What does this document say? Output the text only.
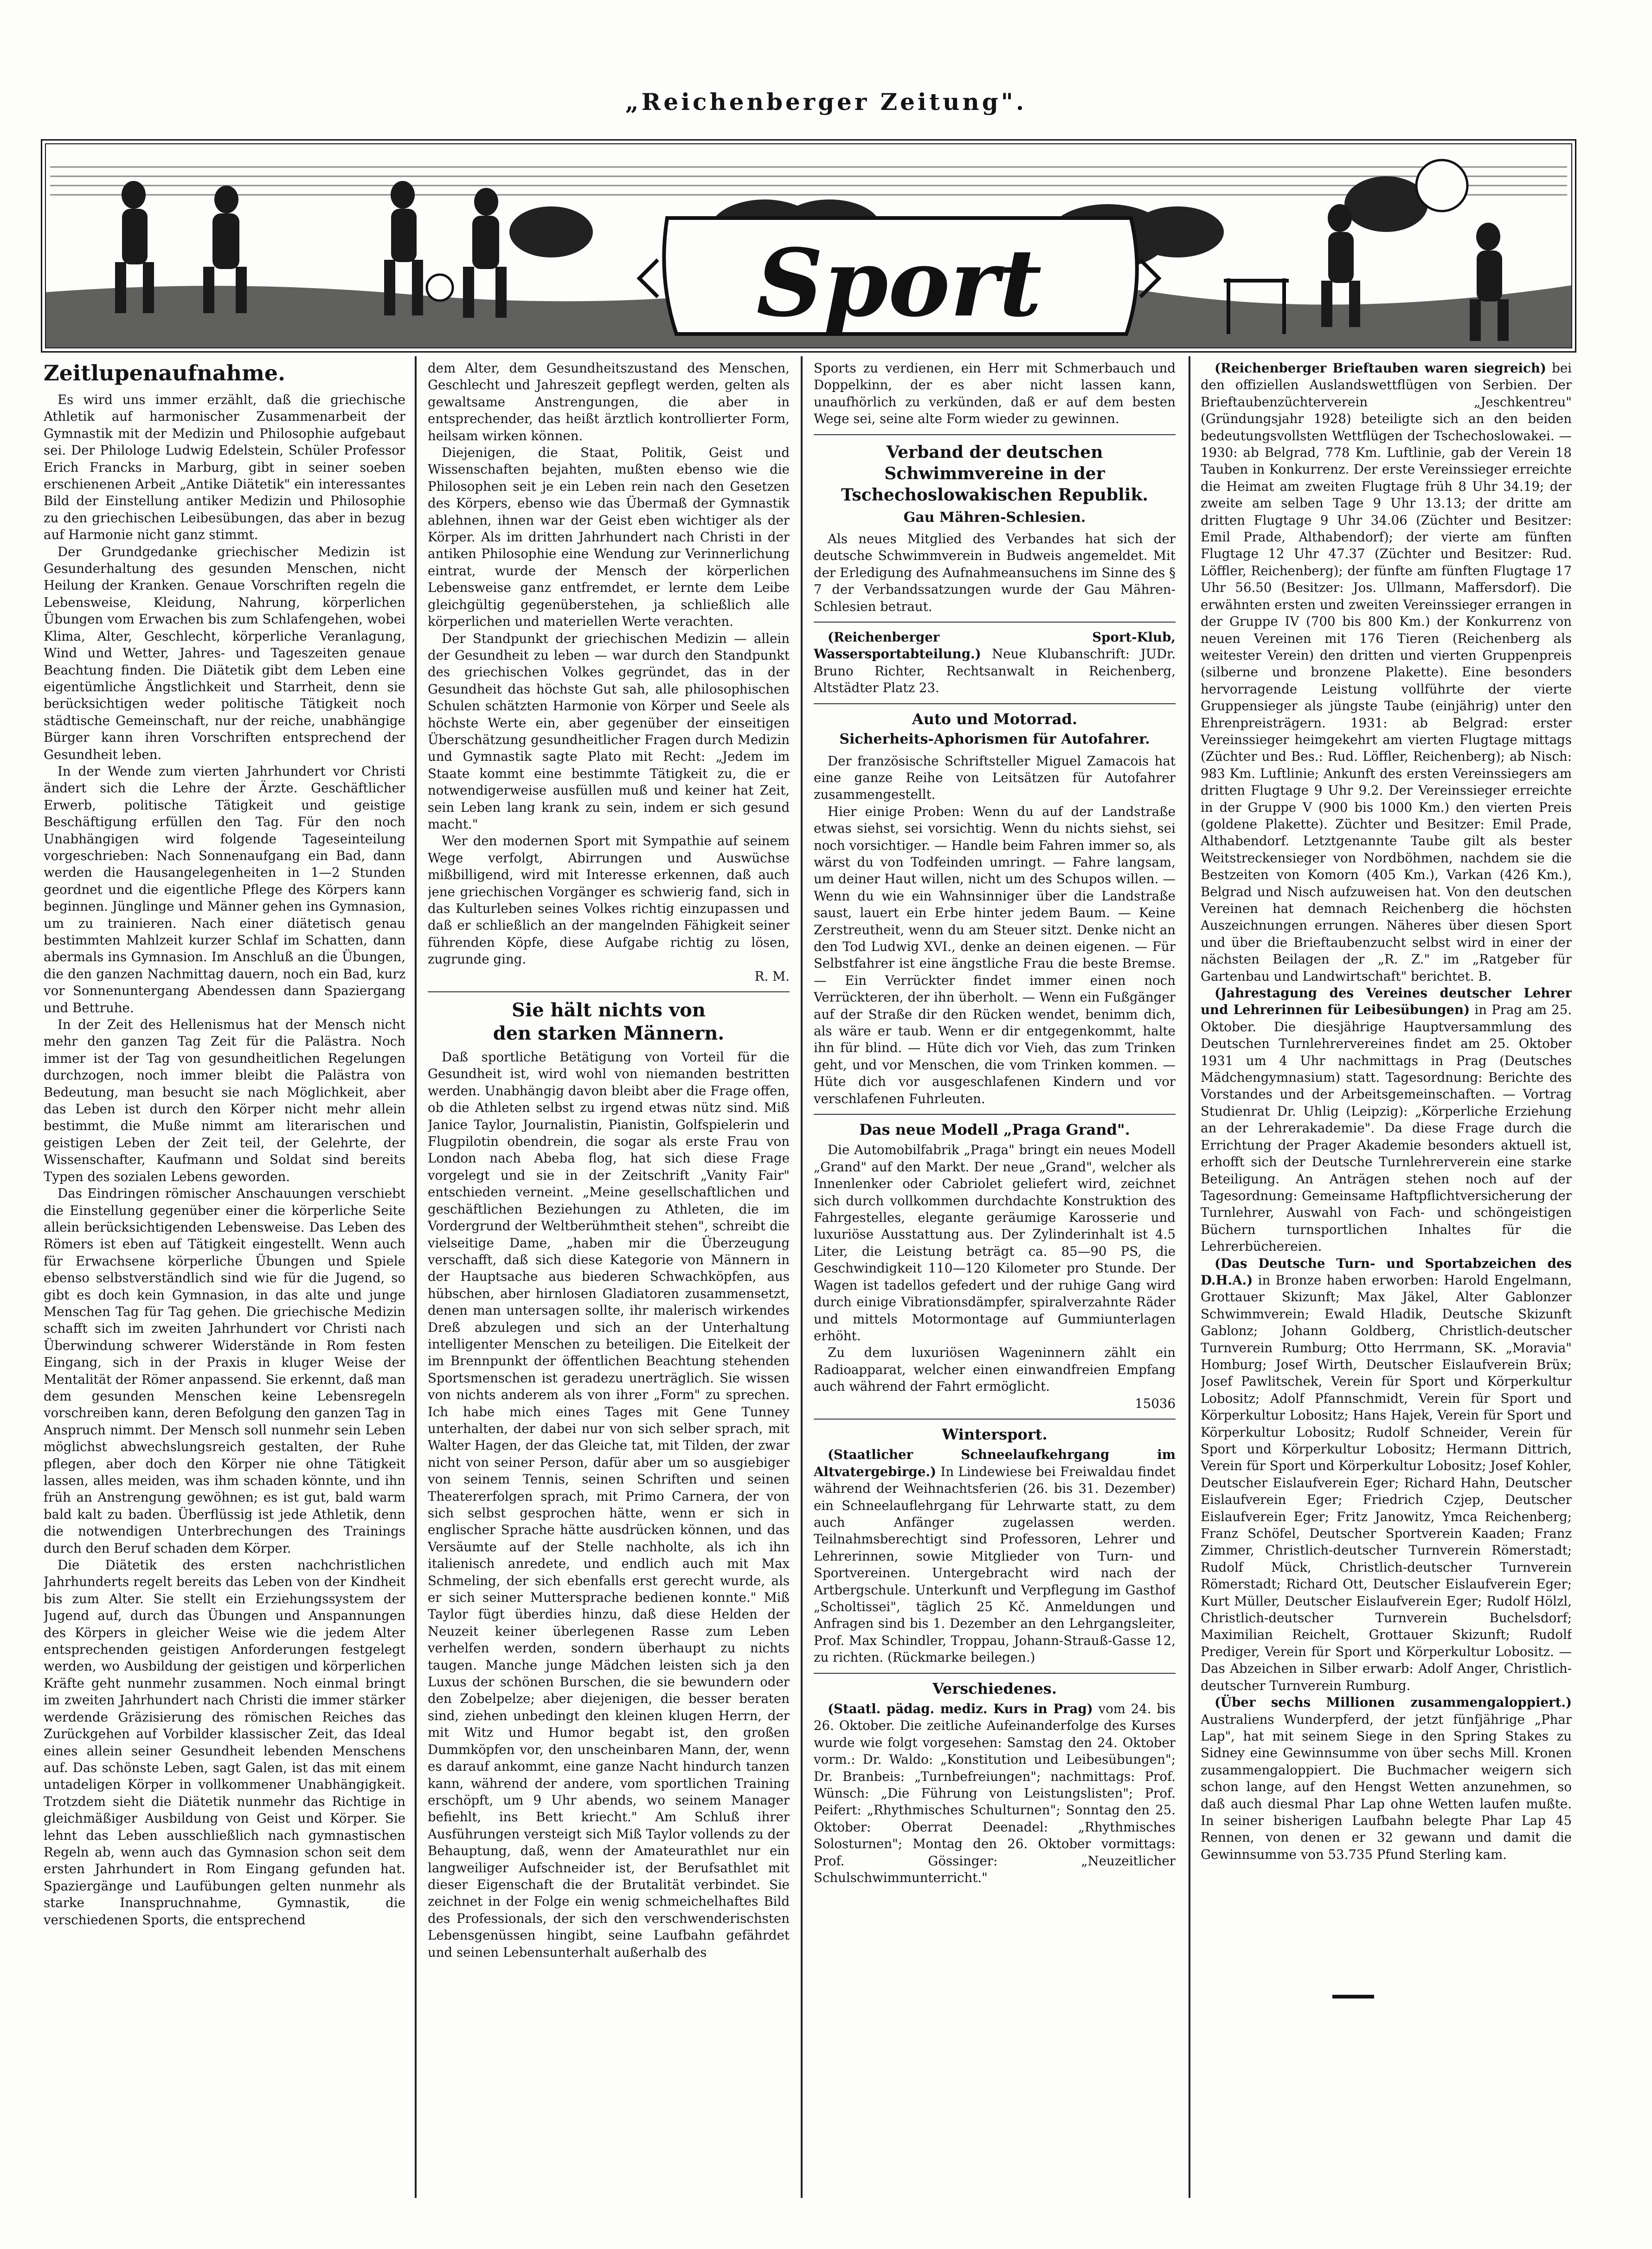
„Reichenberger Zeitung".
Sport
Zeitlupenaufnahme.

Es wird uns immer erzählt, daß die griechische Athletik auf harmonischer Zusammenarbeit der Gymnastik mit der Medizin und Philosophie aufgebaut sei. Der Philologe Ludwig Edelstein, Schüler Professor Erich Francks in Marburg, gibt in seiner soeben erschienenen Arbeit „Antike Diätetik" ein interessantes Bild der Einstellung antiker Medizin und Philosophie zu den griechischen Leibesübungen, das aber in bezug auf Harmonie nicht ganz stimmt.

Der Grundgedanke griechischer Medizin ist Gesunderhaltung des gesunden Menschen, nicht Heilung der Kranken. Genaue Vorschriften regeln die Lebensweise, Kleidung, Nahrung, körperlichen Übungen vom Erwachen bis zum Schlafengehen, wobei Klima, Alter, Geschlecht, körperliche Veranlagung, Wind und Wetter, Jahres- und Tageszeiten genaue Beachtung finden. Die Diätetik gibt dem Leben eine eigentümliche Ängstlichkeit und Starrheit, denn sie berücksichtigen weder politische Tätigkeit noch städtische Gemeinschaft, nur der reiche, unabhängige Bürger kann ihren Vorschriften entsprechend der Gesundheit leben.

In der Wende zum vierten Jahrhundert vor Christi ändert sich die Lehre der Ärzte. Geschäftlicher Erwerb, politische Tätigkeit und geistige Beschäftigung erfüllen den Tag. Für den noch Unabhängigen wird folgende Tageseinteilung vorgeschrieben: Nach Sonnenaufgang ein Bad, dann werden die Hausangelegenheiten in 1—2 Stunden geordnet und die eigentliche Pflege des Körpers kann beginnen. Jünglinge und Männer gehen ins Gymnasion, um zu trainieren. Nach einer diätetisch genau bestimmten Mahlzeit kurzer Schlaf im Schatten, dann abermals ins Gymnasion. Im Anschluß an die Übungen, die den ganzen Nachmittag dauern, noch ein Bad, kurz vor Sonnenuntergang Abendessen dann Spaziergang und Bettruhe.

In der Zeit des Hellenismus hat der Mensch nicht mehr den ganzen Tag Zeit für die Palästra. Noch immer ist der Tag von gesundheitlichen Regelungen durchzogen, noch immer bleibt die Palästra von Bedeutung, man besucht sie nach Möglichkeit, aber das Leben ist durch den Körper nicht mehr allein bestimmt, die Muße nimmt am literarischen und geistigen Leben der Zeit teil, der Gelehrte, der Wissenschafter, Kaufmann und Soldat sind bereits Typen des sozialen Lebens geworden.

Das Eindringen römischer Anschauungen verschiebt die Einstellung gegenüber einer die körperliche Seite allein berücksichtigenden Lebensweise. Das Leben des Römers ist eben auf Tätigkeit eingestellt. Wenn auch für Erwachsene körperliche Übungen und Spiele ebenso selbstverständlich sind wie für die Jugend, so gibt es doch kein Gymnasion, in das alte und junge Menschen Tag für Tag gehen. Die griechische Medizin schafft sich im zweiten Jahrhundert vor Christi nach Überwindung schwerer Widerstände in Rom festen Eingang, sich in der Praxis in kluger Weise der Mentalität der Römer anpassend. Sie erkennt, daß man dem gesunden Menschen keine Lebensregeln vorschreiben kann, deren Befolgung den ganzen Tag in Anspruch nimmt. Der Mensch soll nunmehr sein Leben möglichst abwechslungsreich gestalten, der Ruhe pflegen, aber doch den Körper nie ohne Tätigkeit lassen, alles meiden, was ihm schaden könnte, und ihn früh an Anstrengung gewöhnen; es ist gut, bald warm bald kalt zu baden. Überflüssig ist jede Athletik, denn die notwendigen Unterbrechungen des Trainings durch den Beruf schaden dem Körper.

Die Diätetik des ersten nachchristlichen Jahrhunderts regelt bereits das Leben von der Kindheit bis zum Alter. Sie stellt ein Erziehungssystem der Jugend auf, durch das Übungen und Anspannungen des Körpers in gleicher Weise wie die jedem Alter entsprechenden geistigen Anforderungen festgelegt werden, wo Ausbildung der geistigen und körperlichen Kräfte geht nunmehr zusammen. Noch einmal bringt im zweiten Jahrhundert nach Christi die immer stärker werdende Gräzisierung des römischen Reiches das Zurückgehen auf Vorbilder klassischer Zeit, das Ideal eines allein seiner Gesundheit lebenden Menschens auf. Das schönste Leben, sagt Galen, ist das mit einem untadeligen Körper in vollkommener Unabhängigkeit. Trotzdem sieht die Diätetik nunmehr das Richtige in gleichmäßiger Ausbildung von Geist und Körper. Sie lehnt das Leben ausschließlich nach gymnastischen Regeln ab, wenn auch das Gymnasion schon seit dem ersten Jahrhundert in Rom Eingang gefunden hat. Spaziergänge und Laufübungen gelten nunmehr als starke Inanspruchnahme, Gymnastik, die verschiedenen Sports, die entsprechend

dem Alter, dem Gesundheitszustand des Menschen, Geschlecht und Jahreszeit gepflegt werden, gelten als gewaltsame Anstrengungen, die aber in entsprechender, das heißt ärztlich kontrollierter Form, heilsam wirken können.

Diejenigen, die Staat, Politik, Geist und Wissenschaften bejahten, mußten ebenso wie die Philosophen seit je ein Leben rein nach den Gesetzen des Körpers, ebenso wie das Übermaß der Gymnastik ablehnen, ihnen war der Geist eben wichtiger als der Körper. Als im dritten Jahrhundert nach Christi in der antiken Philosophie eine Wendung zur Verinnerlichung eintrat, wurde der Mensch der körperlichen Lebensweise ganz entfremdet, er lernte dem Leibe gleichgültig gegenüberstehen, ja schließlich alle körperlichen und materiellen Werte verachten.

Der Standpunkt der griechischen Medizin — allein der Gesundheit zu leben — war durch den Standpunkt des griechischen Volkes gegründet, das in der Gesundheit das höchste Gut sah, alle philosophischen Schulen schätzten Harmonie von Körper und Seele als höchste Werte ein, aber gegenüber der einseitigen Überschätzung gesundheitlicher Fragen durch Medizin und Gymnastik sagte Plato mit Recht: „Jedem im Staate kommt eine bestimmte Tätigkeit zu, die er notwendigerweise ausfüllen muß und keiner hat Zeit, sein Leben lang krank zu sein, indem er sich gesund macht."

Wer den modernen Sport mit Sympathie auf seinem Wege verfolgt, Abirrungen und Auswüchse mißbilligend, wird mit Interesse erkennen, daß auch jene griechischen Vorgänger es schwierig fand, sich in das Kulturleben seines Volkes richtig einzupassen und daß er schließlich an der mangelnden Fähigkeit seiner führenden Köpfe, diese Aufgabe richtig zu lösen, zugrunde ging.

R. M.
Sie hält nichts von
den starken Männern.

Daß sportliche Betätigung von Vorteil für die Gesundheit ist, wird wohl von niemanden bestritten werden. Unabhängig davon bleibt aber die Frage offen, ob die Athleten selbst zu irgend etwas nütz sind. Miß Janice Taylor, Journalistin, Pianistin, Golfspielerin und Flugpilotin obendrein, die sogar als erste Frau von London nach Abeba flog, hat sich diese Frage vorgelegt und sie in der Zeitschrift „Vanity Fair" entschieden verneint. „Meine gesellschaftlichen und geschäftlichen Beziehungen zu Athleten, die im Vordergrund der Weltberühmtheit stehen", schreibt die vielseitige Dame, „haben mir die Überzeugung verschafft, daß sich diese Kategorie von Männern in der Hauptsache aus biederen Schwachköpfen, aus hübschen, aber hirnlosen Gladiatoren zusammensetzt, denen man untersagen sollte, ihr malerisch wirkendes Dreß abzulegen und sich an der Unterhaltung intelligenter Menschen zu beteiligen. Die Eitelkeit der im Brennpunkt der öffentlichen Beachtung stehenden Sportsmenschen ist geradezu unerträglich. Sie wissen von nichts anderem als von ihrer „Form" zu sprechen. Ich habe mich eines Tages mit Gene Tunney unterhalten, der dabei nur von sich selber sprach, mit Walter Hagen, der das Gleiche tat, mit Tilden, der zwar nicht von seiner Person, dafür aber um so ausgiebiger von seinem Tennis, seinen Schriften und seinen Theatererfolgen sprach, mit Primo Carnera, der von sich selbst gesprochen hätte, wenn er sich in englischer Sprache hätte ausdrücken können, und das Versäumte auf der Stelle nachholte, als ich ihn italienisch anredete, und endlich auch mit Max Schmeling, der sich ebenfalls erst gerecht wurde, als er sich seiner Muttersprache bedienen konnte." Miß Taylor fügt überdies hinzu, daß diese Helden der Neuzeit keiner überlegenen Rasse zum Leben verhelfen werden, sondern überhaupt zu nichts taugen. Manche junge Mädchen leisten sich ja den Luxus der schönen Burschen, die sie bewundern oder den Zobelpelze; aber diejenigen, die besser beraten sind, ziehen unbedingt den kleinen klugen Herrn, der mit Witz und Humor begabt ist, den großen Dummköpfen vor, den unscheinbaren Mann, der, wenn es darauf ankommt, eine ganze Nacht hindurch tanzen kann, während der andere, vom sportlichen Training erschöpft, um 9 Uhr abends, wo seinem Manager befiehlt, ins Bett kriecht." Am Schluß ihrer Ausführungen versteigt sich Miß Taylor vollends zu der Behauptung, daß, wenn der Amateurathlet nur ein langweiliger Aufschneider ist, der Berufsathlet mit dieser Eigenschaft die der Brutalität verbindet. Sie zeichnet in der Folge ein wenig schmeichelhaftes Bild des Professionals, der sich den verschwenderischsten Lebensgenüssen hingibt, seine Laufbahn gefährdet und seinen Lebensunterhalt außerhalb des

Sports zu verdienen, ein Herr mit Schmerbauch und Doppelkinn, der es aber nicht lassen kann, unaufhörlich zu verkünden, daß er auf dem besten Wege sei, seine alte Form wieder zu gewinnen.

Verband der deutschen Schwimmvereine in der Tschechoslowakischen Republik.
Gau Mähren-Schlesien.

Als neues Mitglied des Verbandes hat sich der deutsche Schwimmverein in Budweis angemeldet. Mit der Erledigung des Aufnahmeansuchens im Sinne des § 7 der Verbandssatzungen wurde der Gau Mähren-Schlesien betraut.

(Reichenberger Sport-Klub, Wassersportabteilung.) Neue Klubanschrift: JUDr. Bruno Richter, Rechtsanwalt in Reichenberg, Altstädter Platz 23.

Auto und Motorrad.
Sicherheits-Aphorismen für Autofahrer.

Der französische Schriftsteller Miguel Zamacois hat eine ganze Reihe von Leitsätzen für Autofahrer zusammengestellt.

Hier einige Proben: Wenn du auf der Landstraße etwas siehst, sei vorsichtig. Wenn du nichts siehst, sei noch vorsichtiger. — Handle beim Fahren immer so, als wärst du von Todfeinden umringt. — Fahre langsam, um deiner Haut willen, nicht um des Schupos willen. — Wenn du wie ein Wahnsinniger über die Landstraße saust, lauert ein Erbe hinter jedem Baum. — Keine Zerstreutheit, wenn du am Steuer sitzt. Denke nicht an den Tod Ludwig XVI., denke an deinen eigenen. — Für Selbstfahrer ist eine ängstliche Frau die beste Bremse. — Ein Verrückter findet immer einen noch Verrückteren, der ihn überholt. — Wenn ein Fußgänger auf der Straße dir den Rücken wendet, benimm dich, als wäre er taub. Wenn er dir entgegenkommt, halte ihn für blind. — Hüte dich vor Vieh, das zum Trinken geht, und vor Menschen, die vom Trinken kommen. — Hüte dich vor ausgeschlafenen Kindern und vor verschlafenen Fuhrleuten.

Das neue Modell „Praga Grand".

Die Automobilfabrik „Praga" bringt ein neues Modell „Grand" auf den Markt. Der neue „Grand", welcher als Innenlenker oder Cabriolet geliefert wird, zeichnet sich durch vollkommen durchdachte Konstruktion des Fahrgestelles, elegante geräumige Karosserie und luxuriöse Ausstattung aus. Der Zylinderinhalt ist 4.5 Liter, die Leistung beträgt ca. 85—90 PS, die Geschwindigkeit 110—120 Kilometer pro Stunde. Der Wagen ist tadellos gefedert und der ruhige Gang wird durch einige Vibrationsdämpfer, spiralverzahnte Räder und mittels Motormontage auf Gummiunterlagen erhöht.

Zu dem luxuriösen Wageninnern zählt ein Radioapparat, welcher einen einwandfreien Empfang auch während der Fahrt ermöglicht.

15036
Wintersport.

(Staatlicher Schneelaufkehrgang im Altvatergebirge.) In Lindewiese bei Freiwaldau findet während der Weihnachtsferien (26. bis 31. Dezember) ein Schneelauflehrgang für Lehrwarte statt, zu dem auch Anfänger zugelassen werden. Teilnahmsberechtigt sind Professoren, Lehrer und Lehrerinnen, sowie Mitglieder von Turn- und Sportvereinen. Untergebracht wird nach der Artbergschule. Unterkunft und Verpflegung im Gasthof „Scholtissei", täglich 25 Kč. Anmeldungen und Anfragen sind bis 1. Dezember an den Lehrgangsleiter, Prof. Max Schindler, Troppau, Johann-Strauß-Gasse 12, zu richten. (Rückmarke beilegen.)

Verschiedenes.

(Staatl. pädag. mediz. Kurs in Prag) vom 24. bis 26. Oktober. Die zeitliche Aufeinanderfolge des Kurses wurde wie folgt vorgesehen: Samstag den 24. Oktober vorm.: Dr. Waldo: „Konstitution und Leibesübungen"; Dr. Branbeis: „Turnbefreiungen"; nachmittags: Prof. Wünsch: „Die Führung von Leistungslisten"; Prof. Peifert: „Rhythmisches Schulturnen"; Sonntag den 25. Oktober: Oberrat Deenadel: „Rhythmisches Solosturnen"; Montag den 26. Oktober vormittags: Prof. Gössinger: „Neuzeitlicher Schulschwimmunterricht."

(Reichenberger Brieftauben waren siegreich) bei den offiziellen Auslandswettflügen von Serbien. Der Brieftaubenzüchterverein „Jeschkentreu" (Gründungsjahr 1928) beteiligte sich an den beiden bedeutungsvollsten Wettflügen der Tschechoslowakei. — 1930: ab Belgrad, 778 Km. Luftlinie, gab der Verein 18 Tauben in Konkurrenz. Der erste Vereinssieger erreichte die Heimat am zweiten Flugtage früh 8 Uhr 34.19; der zweite am selben Tage 9 Uhr 13.13; der dritte am dritten Flugtage 9 Uhr 34.06 (Züchter und Besitzer: Emil Prade, Althabendorf); der vierte am fünften Flugtage 12 Uhr 47.37 (Züchter und Besitzer: Rud. Löffler, Reichenberg); der fünfte am fünften Flugtage 17 Uhr 56.50 (Besitzer: Jos. Ullmann, Maffersdorf). Die erwähnten ersten und zweiten Vereinssieger errangen in der Gruppe IV (700 bis 800 Km.) der Konkurrenz von neuen Vereinen mit 176 Tieren (Reichenberg als weitester Verein) den dritten und vierten Gruppenpreis (silberne und bronzene Plakette). Eine besonders hervorragende Leistung vollführte der vierte Gruppensieger als jüngste Taube (einjährig) unter den Ehrenpreisträgern. 1931: ab Belgrad: erster Vereinssieger heimgekehrt am vierten Flugtage mittags (Züchter und Bes.: Rud. Löffler, Reichenberg); ab Nisch: 983 Km. Luftlinie; Ankunft des ersten Vereinssiegers am dritten Flugtage 9 Uhr 9.2. Der Vereinssieger erreichte in der Gruppe V (900 bis 1000 Km.) den vierten Preis (goldene Plakette). Züchter und Besitzer: Emil Prade, Althabendorf. Letztgenannte Taube gilt als bester Weitstreckensieger von Nordböhmen, nachdem sie die Bestzeiten von Komorn (405 Km.), Varkan (426 Km.), Belgrad und Nisch aufzuweisen hat. Von den deutschen Vereinen hat demnach Reichenberg die höchsten Auszeichnungen errungen. Näheres über diesen Sport und über die Brieftaubenzucht selbst wird in einer der nächsten Beilagen der „R. Z." im „Ratgeber für Gartenbau und Landwirtschaft" berichtet. B.

(Jahrestagung des Vereines deutscher Lehrer und Lehrerinnen für Leibesübungen) in Prag am 25. Oktober. Die diesjährige Hauptversammlung des Deutschen Turnlehrervereines findet am 25. Oktober 1931 um 4 Uhr nachmittags in Prag (Deutsches Mädchengymnasium) statt. Tagesordnung: Berichte des Vorstandes und der Arbeitsgemeinschaften. — Vortrag Studienrat Dr. Uhlig (Leipzig): „Körperliche Erziehung an der Lehrerakademie". Da diese Frage durch die Errichtung der Prager Akademie besonders aktuell ist, erhofft sich der Deutsche Turnlehrerverein eine starke Beteiligung. An Anträgen stehen noch auf der Tagesordnung: Gemeinsame Haftpflichtversicherung der Turnlehrer, Auswahl von Fach- und schöngeistigen Büchern turnsportlichen Inhaltes für die Lehrerbüchereien.

(Das Deutsche Turn- und Sportabzeichen des D.H.A.) in Bronze haben erworben: Harold Engelmann, Grottauer Skizunft; Max Jäkel, Alter Gablonzer Schwimmverein; Ewald Hladik, Deutsche Skizunft Gablonz; Johann Goldberg, Christlich-deutscher Turnverein Rumburg; Otto Herrmann, SK. „Moravia" Homburg; Josef Wirth, Deutscher Eislaufverein Brüx; Josef Pawlitschek, Verein für Sport und Körperkultur Lobositz; Adolf Pfannschmidt, Verein für Sport und Körperkultur Lobositz; Hans Hajek, Verein für Sport und Körperkultur Lobositz; Rudolf Schneider, Verein für Sport und Körperkultur Lobositz; Hermann Dittrich, Verein für Sport und Körperkultur Lobositz; Josef Kohler, Deutscher Eislaufverein Eger; Richard Hahn, Deutscher Eislaufverein Eger; Friedrich Czjep, Deutscher Eislaufverein Eger; Fritz Janowitz, Ymca Reichenberg; Franz Schöfel, Deutscher Sportverein Kaaden; Franz Zimmer, Christlich-deutscher Turnverein Römerstadt; Rudolf Mück, Christlich-deutscher Turnverein Römerstadt; Richard Ott, Deutscher Eislaufverein Eger; Kurt Müller, Deutscher Eislaufverein Eger; Rudolf Hölzl, Christlich-deutscher Turnverein Buchelsdorf; Maximilian Reichelt, Grottauer Skizunft; Rudolf Prediger, Verein für Sport und Körperkultur Lobositz. — Das Abzeichen in Silber erwarb: Adolf Anger, Christlich-deutscher Turnverein Rumburg.

(Über sechs Millionen zusammengaloppiert.) Australiens Wunderpferd, der jetzt fünfjährige „Phar Lap", hat mit seinem Siege in den Spring Stakes zu Sidney eine Gewinnsumme von über sechs Mill. Kronen zusammengaloppiert. Die Buchmacher weigern sich schon lange, auf den Hengst Wetten anzunehmen, so daß auch diesmal Phar Lap ohne Wetten laufen mußte. In seiner bisherigen Laufbahn belegte Phar Lap 45 Rennen, von denen er 32 gewann und damit die Gewinnsumme von 53.735 Pfund Sterling kam.
